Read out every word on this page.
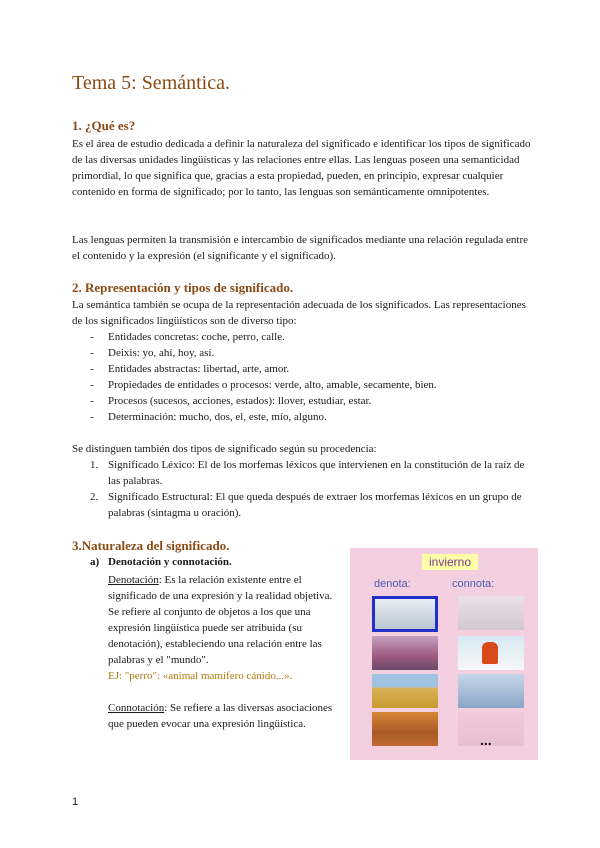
Tema 5: Semántica.
1. ¿Qué es?

Es el área de estudio dedicada a definir la naturaleza del significado e identificar los tipos de significado de las diversas unidades lingüísticas y las relaciones entre ellas. Las lenguas poseen una semanticidad primordial, lo que significa que, gracias a esta propiedad, pueden, en principio, expresar cualquier contenido en forma de significado; por lo tanto, las lenguas son semánticamente omnipotentes.

Las lenguas permiten la transmisión e intercambio de significados mediante una relación regulada entre el contenido y la expresión (el significante y el significado).

2. Representación y tipos de significado.

La semántica también se ocupa de la representación adecuada de los significados. Las representaciones de los significados lingüísticos son de diverso tipo:

- Entidades concretas: coche, perro, calle.
- Deixis: yo, ahí, hoy, así.
- Entidades abstractas: libertad, arte, amor.
- Propiedades de entidades o procesos: verde, alto, amable, secamente, bien.
- Procesos (sucesos, acciones, estados): llover, estudiar, estar.
- Determinación: mucho, dos, el, este, mío, alguno.

Se distinguen también dos tipos de significado según su procedencia:

1. Significado Léxico: El de los morfemas léxicos que intervienen en la constitución de la raíz de las palabras.
2. Significado Estructural: El que queda después de extraer los morfemas léxicos en un grupo de palabras (sintagma u oración).
3.Naturaleza del significado.

a) Denotación y connotación.

Denotación: Es la relación existente entre el significado de una expresión y la realidad objetiva. Se refiere al conjunto de objetos a los que una expresión lingüística puede ser atribuida (su denotación), estableciendo una relación entre las palabras y el "mundo".

EJ: "perro": «animal mamífero cánido...».

Connotación: Se refiere a las diversas asociaciones que pueden evocar una expresión lingüística.

invierno
denota:	connota:
...

1
